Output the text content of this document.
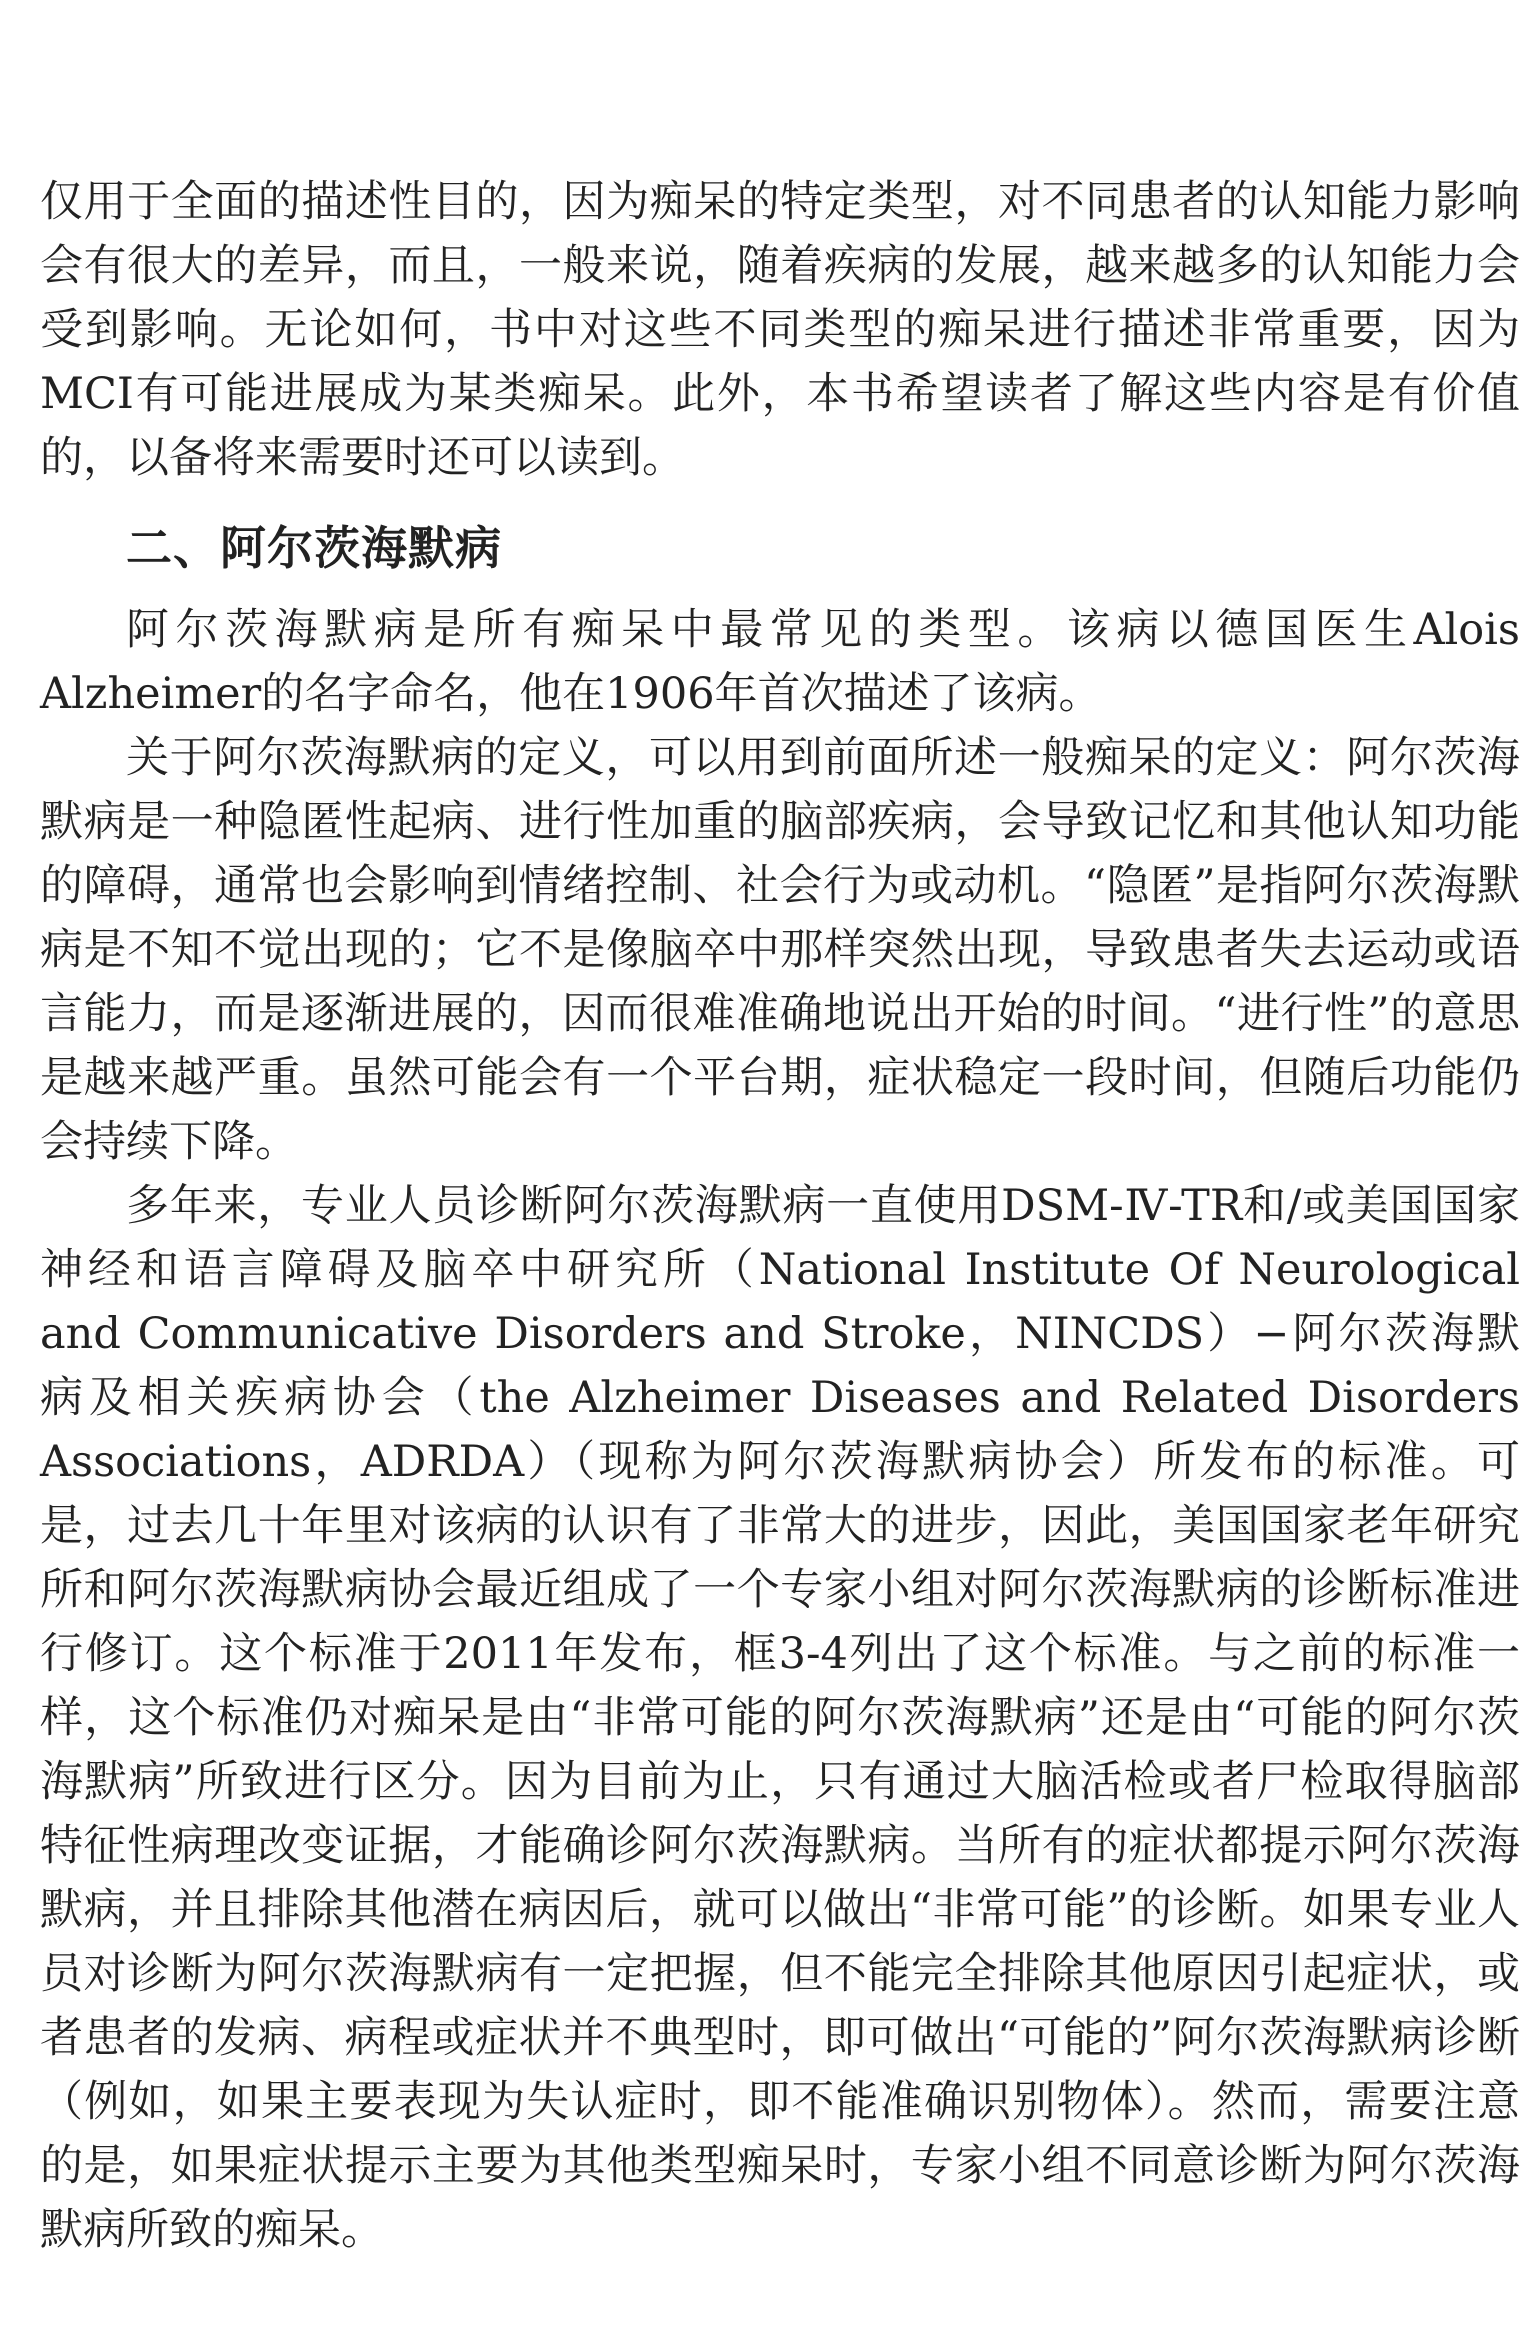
仅用于全面的描述性目的，因为痴呆的特定类型，对不同患者的认知能力影响会有很大的差异，而且，一般来说，随着疾病的发展，越来越多的认知能力会受到影响。无论如何，书中对这些不同类型的痴呆进行描述非常重要，因为MCI有可能进展成为某类痴呆。此外，本书希望读者了解这些内容是有价值的，以备将来需要时还可以读到。

二、阿尔茨海默病

阿尔茨海默病是所有痴呆中最常见的类型。该病以德国医生Alois Alzheimer的名字命名，他在1906年首次描述了该病。

关于阿尔茨海默病的定义，可以用到前面所述一般痴呆的定义：阿尔茨海默病是一种隐匿性起病、进行性加重的脑部疾病，会导致记忆和其他认知功能的障碍，通常也会影响到情绪控制、社会行为或动机。“隐匿”是指阿尔茨海默病是不知不觉出现的；它不是像脑卒中那样突然出现，导致患者失去运动或语言能力，而是逐渐进展的，因而很难准确地说出开始的时间。“进行性”的意思是越来越严重。虽然可能会有一个平台期，症状稳定一段时间，但随后功能仍会持续下降。

多年来，专业人员诊断阿尔茨海默病一直使用DSM-Ⅳ-TR和/或美国国家神经和语言障碍及脑卒中研究所（National Institute Of Neurological and Communicative Disorders and Stroke，NINCDS）−阿尔茨海默病及相关疾病协会（the Alzheimer Diseases and Related Disorders Associations，ADRDA）（现称为阿尔茨海默病协会）所发布的标准。可是，过去几十年里对该病的认识有了非常大的进步，因此，美国国家老年研究所和阿尔茨海默病协会最近组成了一个专家小组对阿尔茨海默病的诊断标准进行修订。这个标准于2011年发布，框3-4列出了这个标准。与之前的标准一样，这个标准仍对痴呆是由“非常可能的阿尔茨海默病”还是由“可能的阿尔茨海默病”所致进行区分。因为目前为止，只有通过大脑活检或者尸检取得脑部特征性病理改变证据，才能确诊阿尔茨海默病。当所有的症状都提示阿尔茨海默病，并且排除其他潜在病因后，就可以做出“非常可能”的诊断。如果专业人员对诊断为阿尔茨海默病有一定把握，但不能完全排除其他原因引起症状，或者患者的发病、病程或症状并不典型时，即可做出“可能的”阿尔茨海默病诊断（例如，如果主要表现为失认症时，即不能准确识别物体）。然而，需要注意的是，如果症状提示主要为其他类型痴呆时，专家小组不同意诊断为阿尔茨海默病所致的痴呆。
